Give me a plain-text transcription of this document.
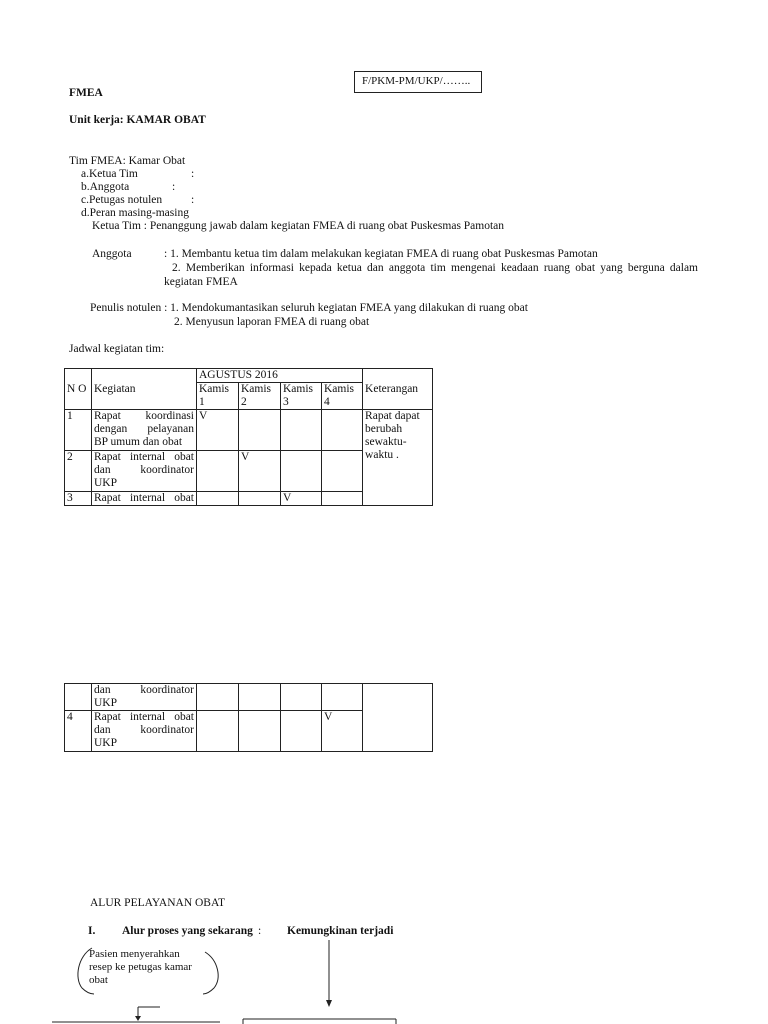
F/PKM-PM/UKP/……..
FMEA
Unit kerja: KAMAR OBAT
Tim FMEA: Kamar Obat
a.Ketua Tim	:
b.Anggota	:
c.Petugas notulen	:
d.Peran masing-masing
Ketua Tim : Penanggung jawab dalam kegiatan FMEA di ruang obat Puskesmas Pamotan
Anggota	: 1. Membantu ketua tim dalam melakukan kegiatan FMEA di ruang obat Puskesmas Pamotan
2. Memberikan informasi kepada ketua dan anggota tim mengenai keadaan ruang obat yang berguna dalam
kegiatan FMEA
Penulis notulen : 1. Mendokumantasikan seluruh kegiatan FMEA yang dilakukan di ruang obat
2. Menyusun laporan FMEA di ruang obat
Jadwal kegiatan tim:
N O	Kegiatan	AGUSTUS 2016				Keterangan
		Kamis 1	Kamis 2	Kamis 3	Kamis 4	
1	Rapat koordinasi
dengan pelayanan
BP umum dan obat	V				Rapat dapat berubah sewaktu-waktu .

2	Rapat internal obat
dan koordinator
UKP		V			
3	Rapat internal obat			V		

	dan koordinator
UKP					
4	Rapat internal obat
dan koordinator
UKP				V	
ALUR PELAYANAN OBAT
I. Alur proses yang sekarang : Kemungkinan terjadi
Pasien menyerahkan
resep ke petugas kamar
obat
